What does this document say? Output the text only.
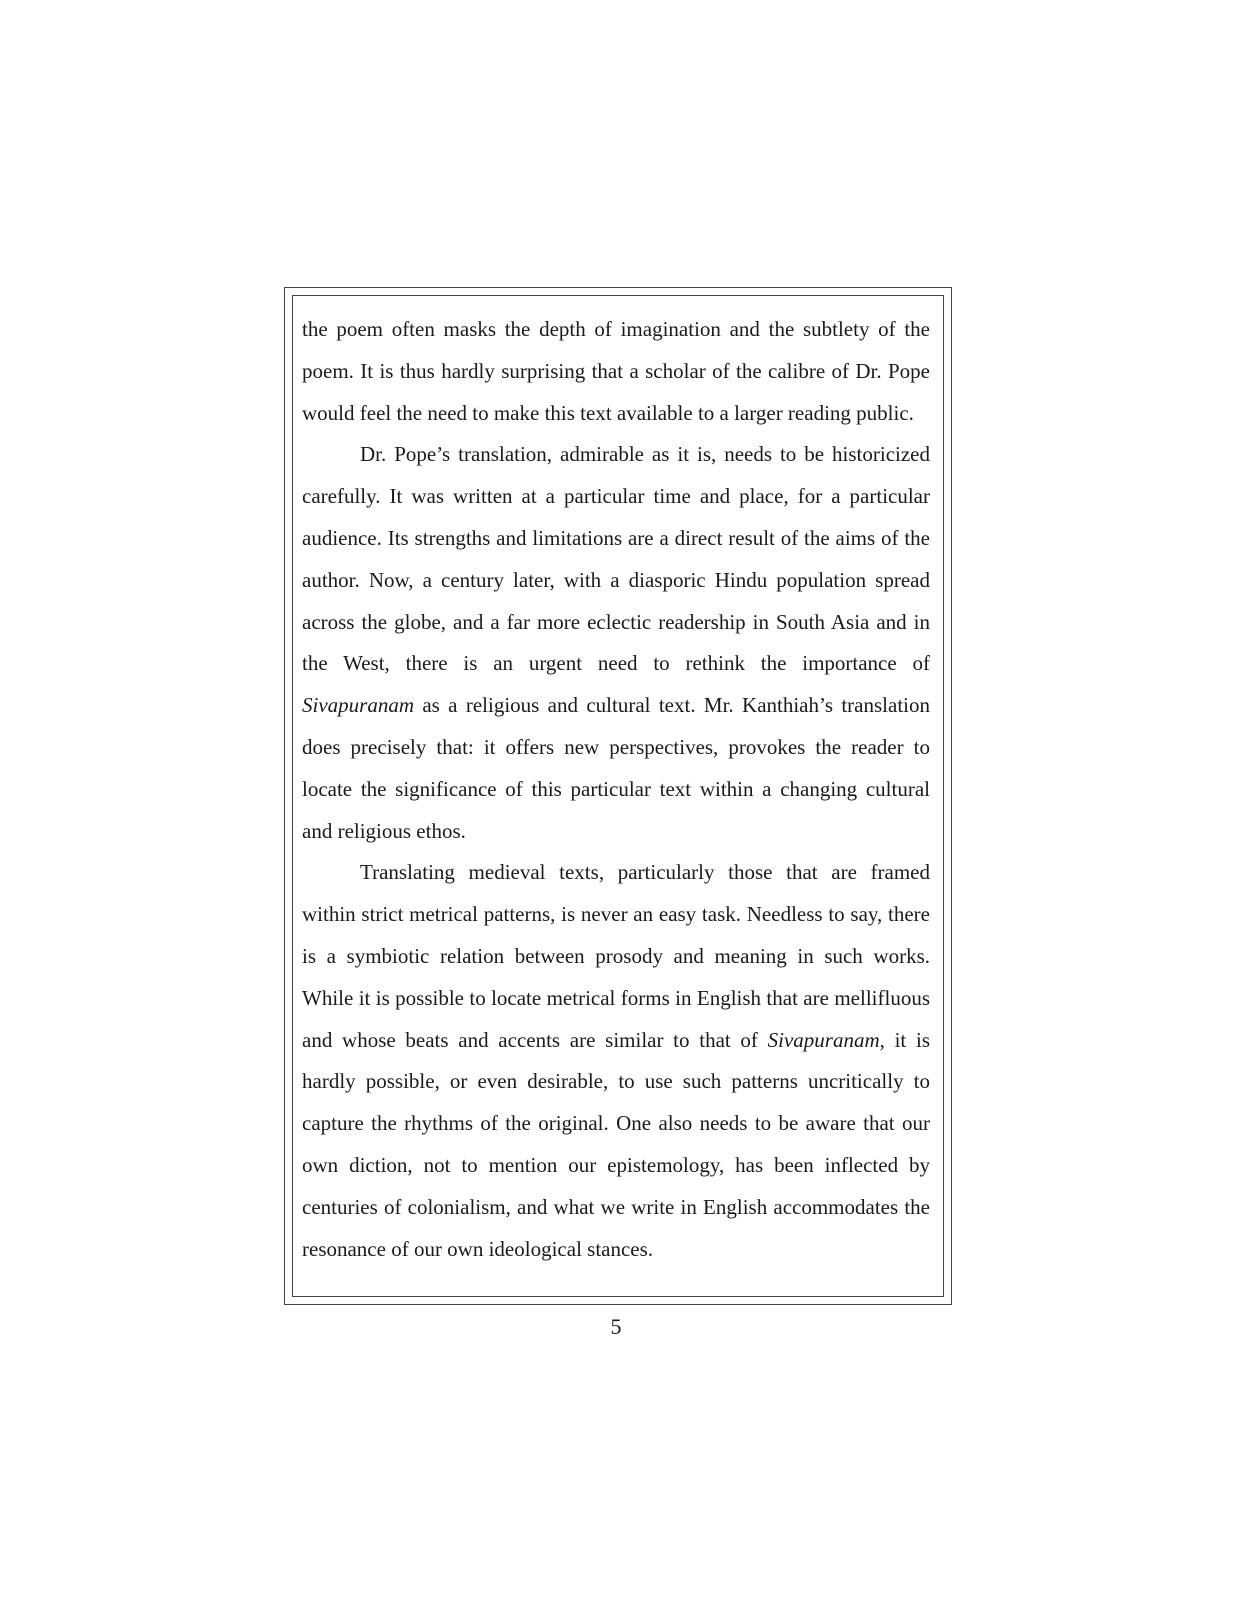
the poem often masks the depth of imagination and the subtlety of the poem. It is thus hardly surprising that a scholar of the calibre of Dr. Pope would feel the need to make this text available to a larger reading public.

Dr. Pope’s translation, admirable as it is, needs to be historicized carefully. It was written at a particular time and place, for a particular audience. Its strengths and limitations are a direct result of the aims of the author. Now, a century later, with a diasporic Hindu population spread across the globe, and a far more eclectic readership in South Asia and in the West, there is an urgent need to rethink the importance of Sivapuranam as a religious and cultural text. Mr. Kanthiah’s translation does precisely that: it offers new perspectives, provokes the reader to locate the significance of this particular text within a changing cultural and religious ethos.

Translating medieval texts, particularly those that are framed within strict metrical patterns, is never an easy task. Needless to say, there is a symbiotic relation between prosody and meaning in such works. While it is possible to locate metrical forms in English that are mellifluous and whose beats and accents are similar to that of Sivapuranam, it is hardly possible, or even desirable, to use such patterns uncritically to capture the rhythms of the original. One also needs to be aware that our own diction, not to mention our epistemology, has been inflected by centuries of colonialism, and what we write in English accommodates the resonance of our own ideological stances.

5
